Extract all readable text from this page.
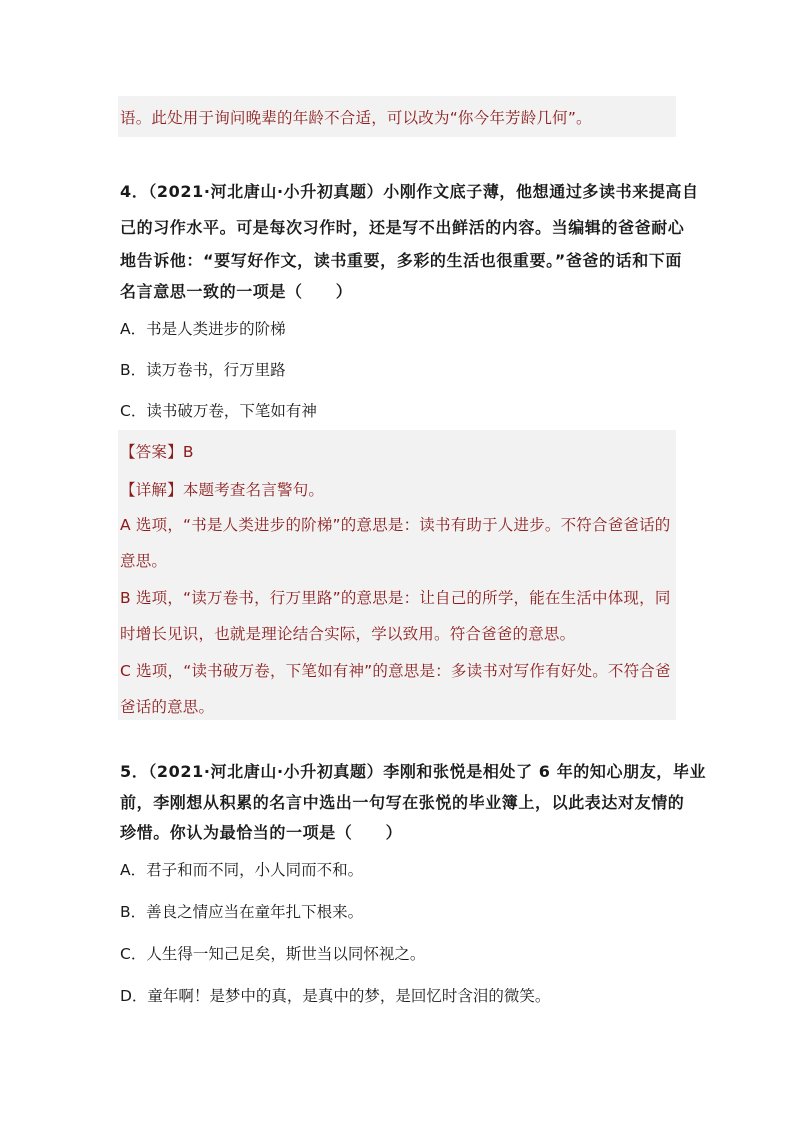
语。此处用于询问晚辈的年龄不合适，可以改为“你今年芳龄几何”。
4．（2021·河北唐山·小升初真题）小刚作文底子薄，他想通过多读书来提高自
己的习作水平。可是每次习作时，还是写不出鲜活的内容。当编辑的爸爸耐心
地告诉他：“要写好作文，读书重要，多彩的生活也很重要。”爸爸的话和下面
名言意思一致的一项是（　　）
A．书是人类进步的阶梯
B．读万卷书，行万里路
C．读书破万卷，下笔如有神
【答案】B
【详解】本题考查名言警句。
A 选项，“书是人类进步的阶梯”的意思是：读书有助于人进步。不符合爸爸话的
意思。
B 选项，“读万卷书，行万里路”的意思是：让自己的所学，能在生活中体现，同
时增长见识，也就是理论结合实际，学以致用。符合爸爸的意思。
C 选项，“读书破万卷，下笔如有神”的意思是：多读书对写作有好处。不符合爸
爸话的意思。
5．（2021·河北唐山·小升初真题）李刚和张悦是相处了 6 年的知心朋友，毕业
前，李刚想从积累的名言中选出一句写在张悦的毕业簿上，以此表达对友情的
珍惜。你认为最恰当的一项是（　　）
A．君子和而不同，小人同而不和。
B．善良之情应当在童年扎下根来。
C．人生得一知己足矣，斯世当以同怀视之。
D．童年啊！是梦中的真，是真中的梦，是回忆时含泪的微笑。
